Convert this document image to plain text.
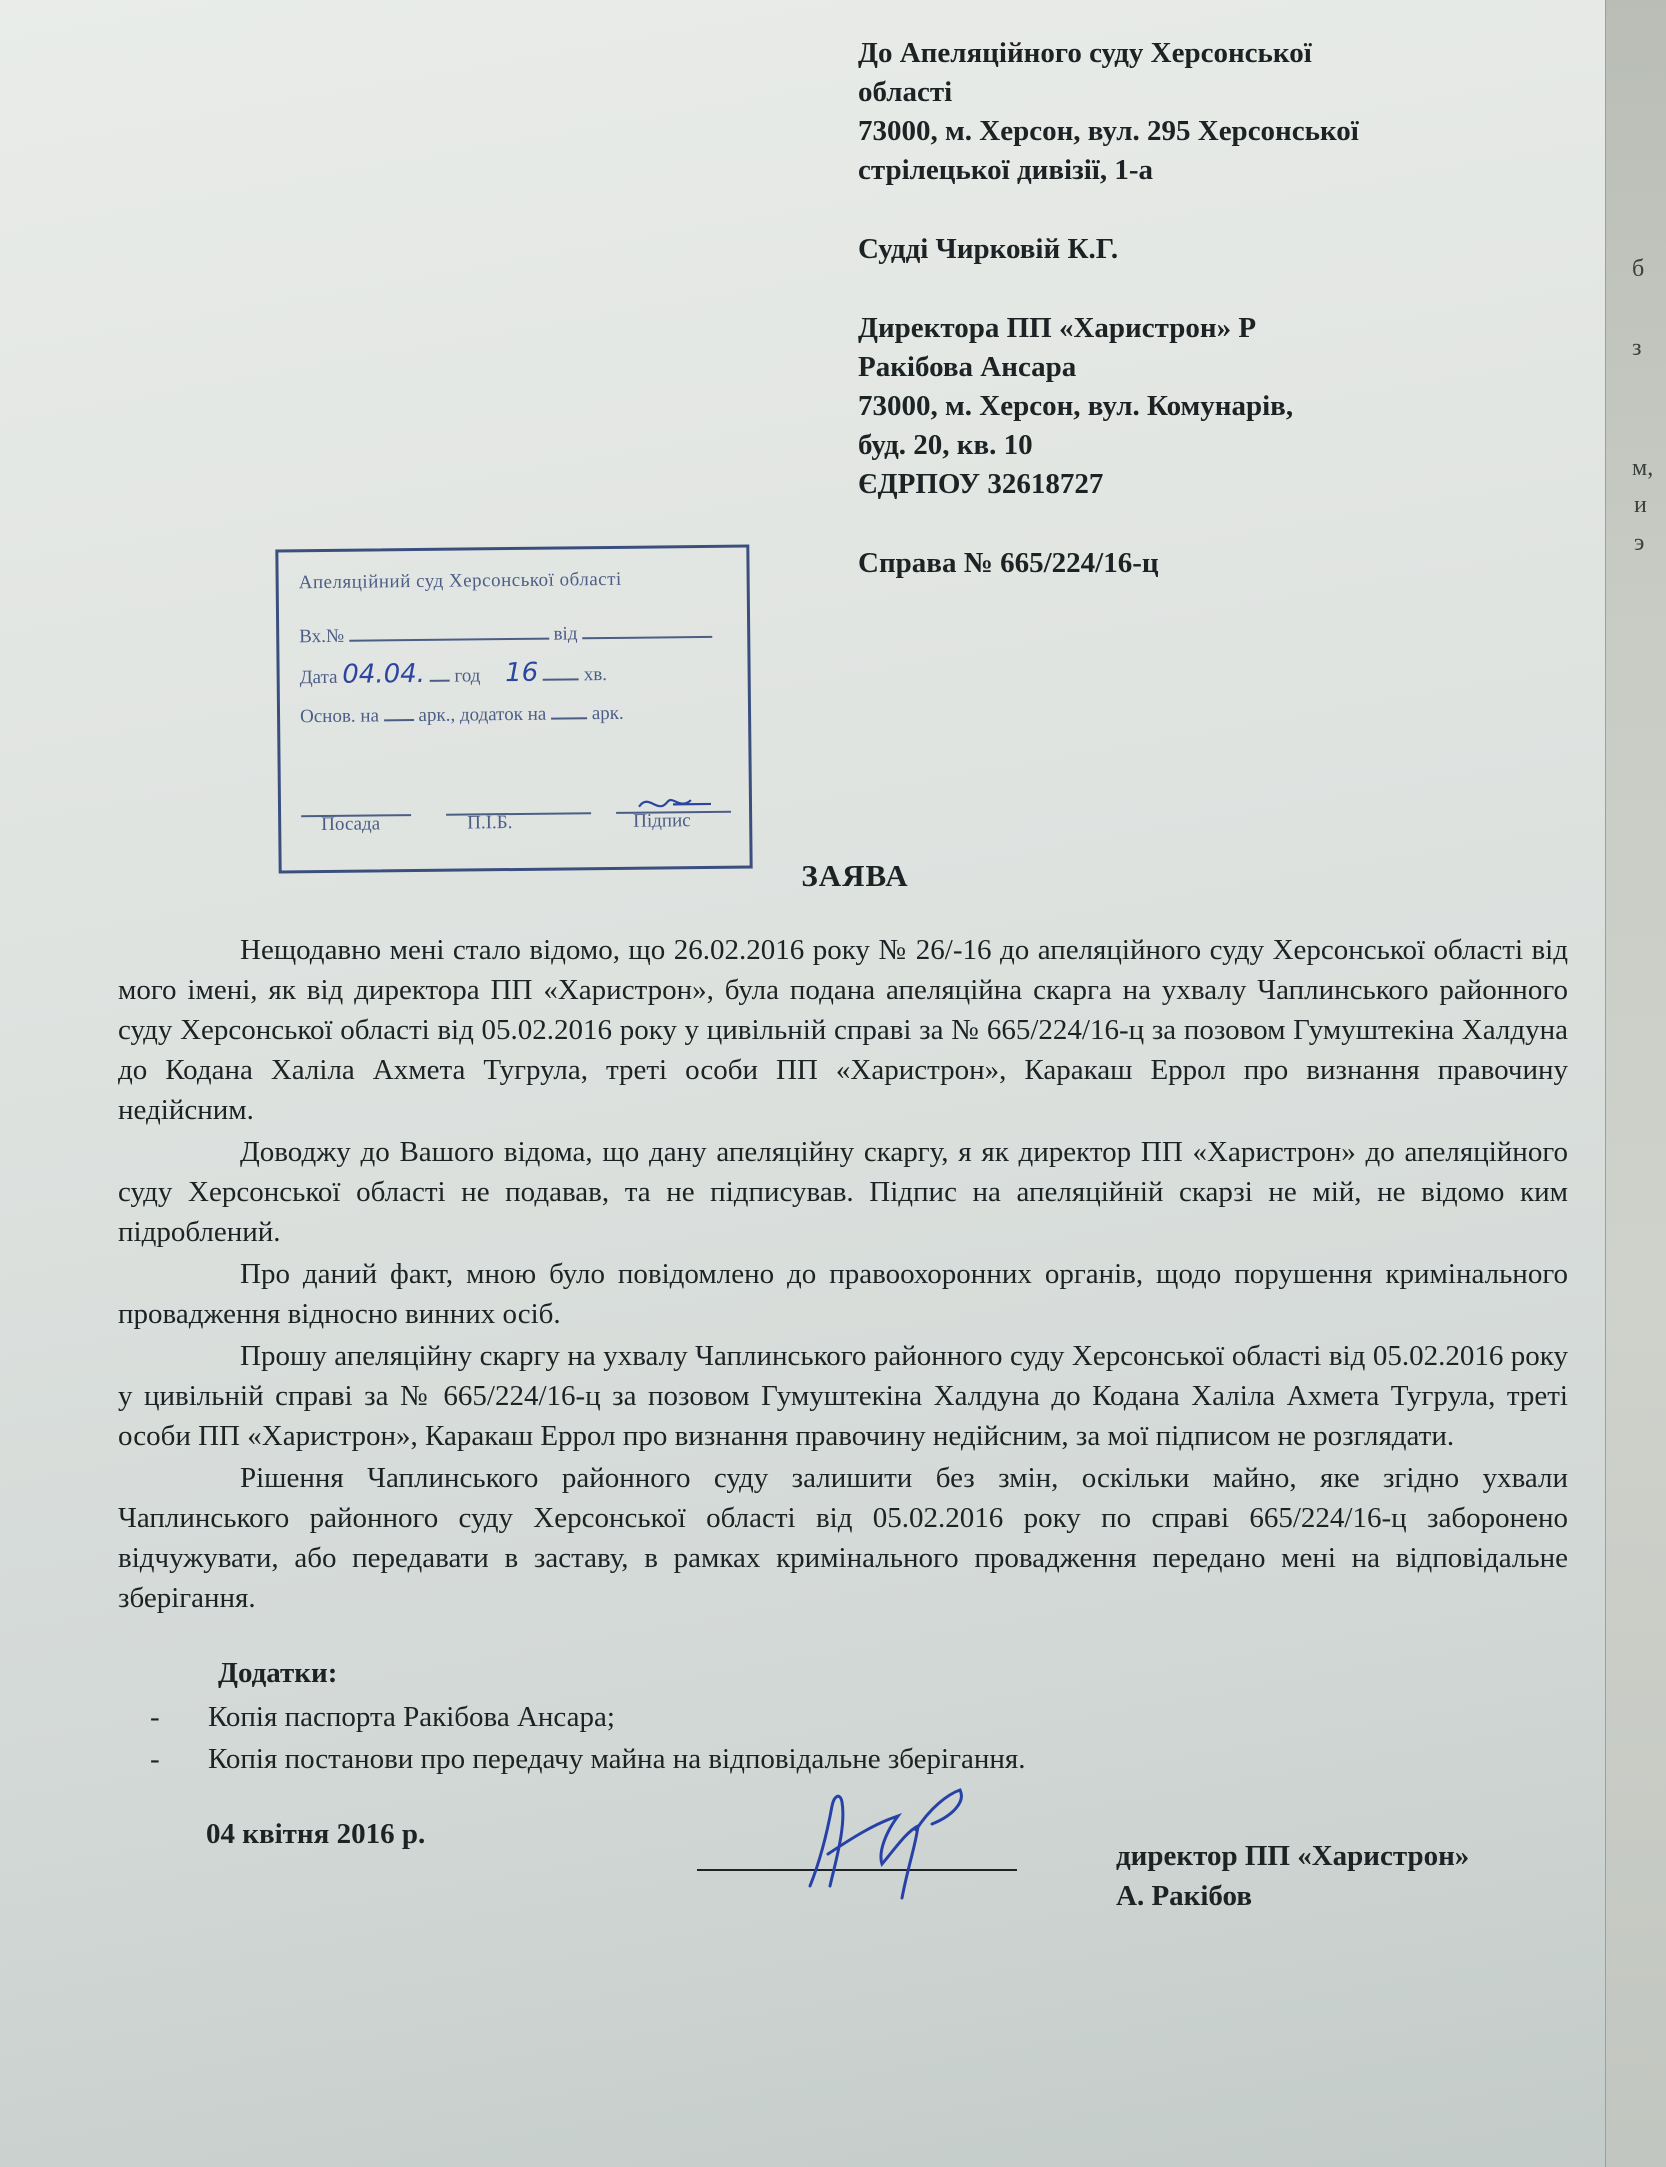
До Апеляційного суду Херсонської
області
73000, м. Херсон, вул. 295 Херсонської
стрілецької дивізії, 1-а

Судді Чирковій К.Г.

Директора ПП «Харистрон» Р
Ракібова Ансара
73000, м. Херсон, вул. Комунарів,
буд. 20, кв. 10
ЄДРПОУ 32618727

Справа № 665/224/16-ц
Апеляційний суд Херсонської області
Вх.№	від
Дата 04.04. год 16 хв.
Основ. на арк., додаток на арк.
Посада	П.І.Б.	Підпис
ЗАЯВА

Нещодавно мені стало відомо, що 26.02.2016 року № 26/-16 до апеляційного суду Херсонської області від мого імені, як від директора ПП «Харистрон», була подана апеляційна скарга на ухвалу Чаплинського районного суду Херсонської області від 05.02.2016 року у цивільній справі за № 665/224/16-ц за позовом Гумуштекіна Халдуна до Кодана Халіла Ахмета Тугрула, треті особи ПП «Харистрон», Каракаш Еррол про визнання правочину недійсним.

Доводжу до Вашого відома, що дану апеляційну скаргу, я як директор ПП «Харистрон» до апеляційного суду Херсонської області не подавав, та не підписував. Підпис на апеляційній скарзі не мій, не відомо ким підроблений.

Про даний факт, мною було повідомлено до правоохоронних органів, щодо порушення кримінального провадження відносно винних осіб.

Прошу апеляційну скаргу на ухвалу Чаплинського районного суду Херсонської області від 05.02.2016 року у цивільній справі за № 665/224/16-ц за позовом Гумуштекіна Халдуна до Кодана Халіла Ахмета Тугрула, треті особи ПП «Харистрон», Каракаш Еррол про визнання правочину недійсним, за мої підписом не розглядати.

Рішення Чаплинського районного суду залишити без змін, оскільки майно, яке згідно ухвали Чаплинського районного суду Херсонської області від 05.02.2016 року по справі 665/224/16-ц заборонено відчужувати, або передавати в заставу, в рамках кримінального провадження передано мені на відповідальне зберігання.

Додатки:
- Копія паспорта Ракібова Ансара;
- Копія постанови про передачу майна на відповідальне зберігання.
04 квітня 2016 р.
директор ПП «Харистрон»
А. Ракібов
б
з
м,
и
э
